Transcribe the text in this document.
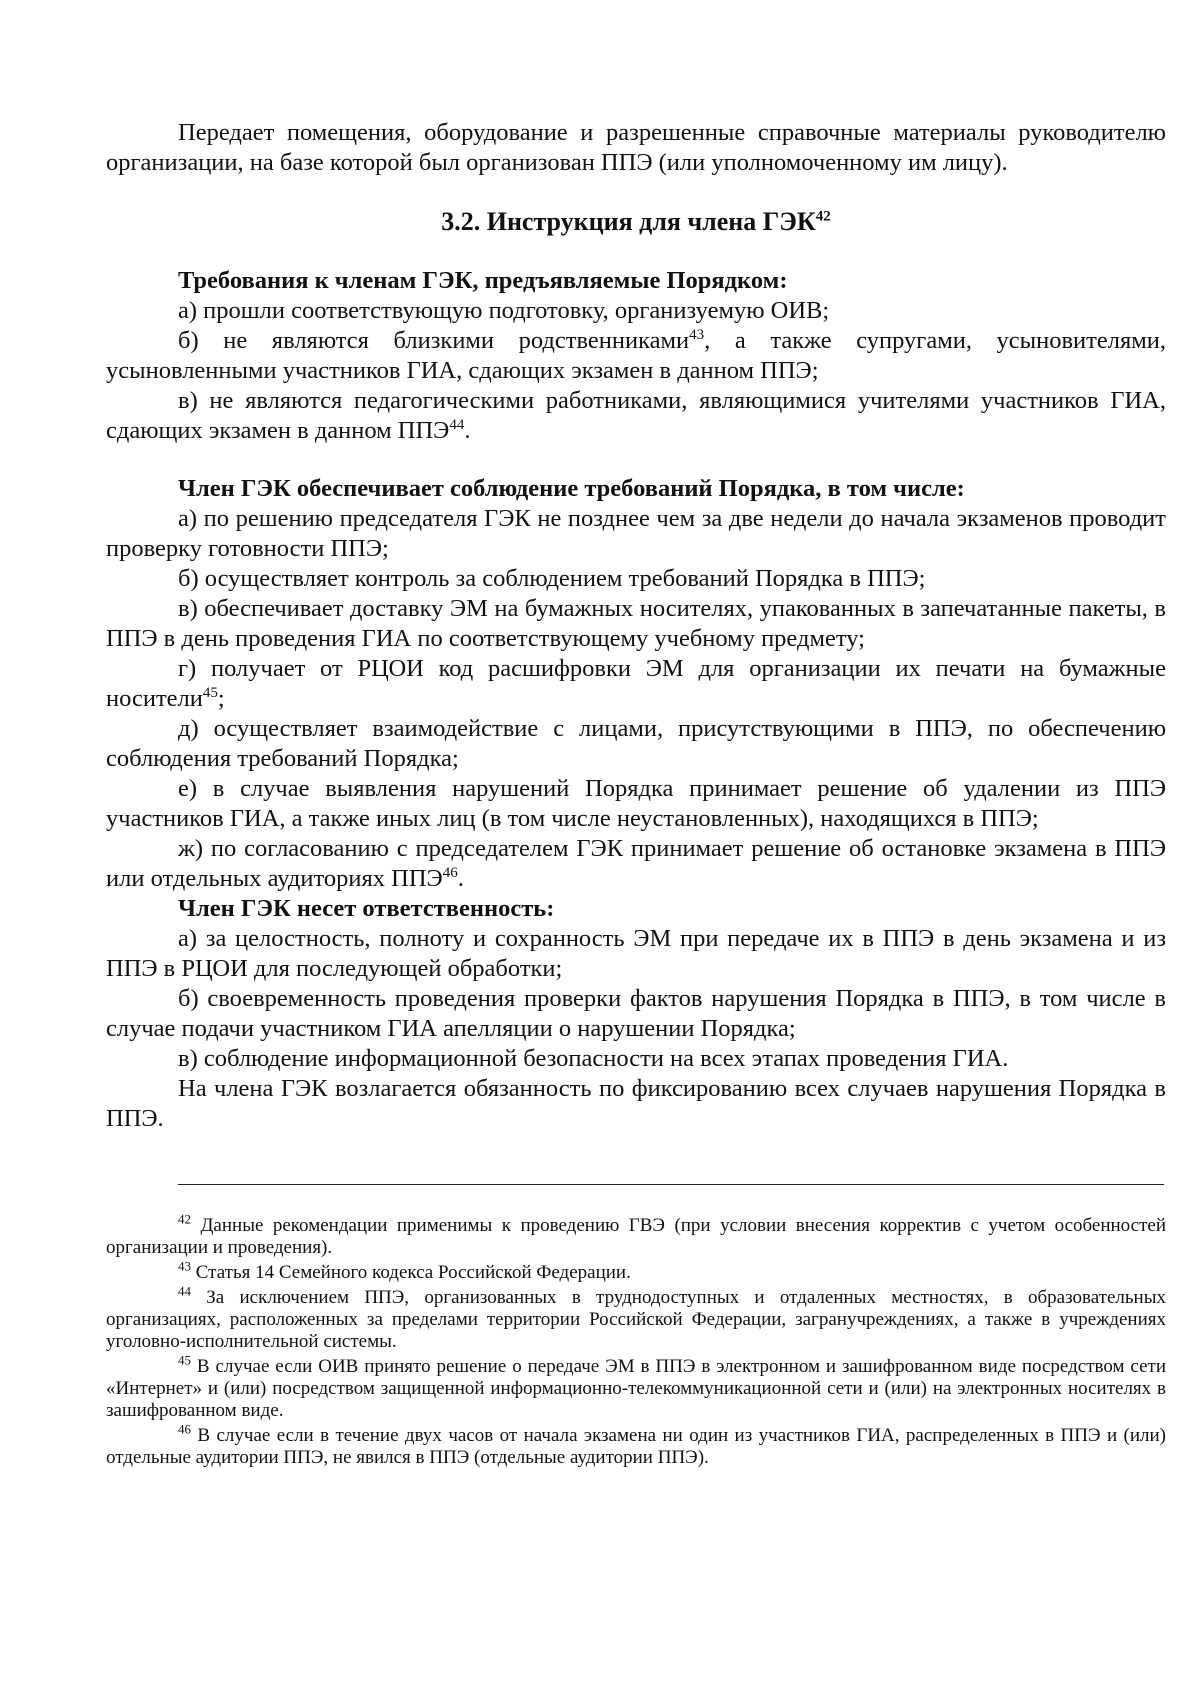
Передает помещения, оборудование и разрешенные справочные материалы руководителю организации, на базе которой был организован ППЭ (или уполномоченному им лицу).

3.2. Инструкция для члена ГЭК$^{42}$

Требования к членам ГЭК, предъявляемые Порядком:

а) прошли соответствующую подготовку, организуемую ОИВ;

б) не являются близкими родственниками$^{43}$, а также супругами, усыновителями, усыновленными участников ГИА, сдающих экзамен в данном ППЭ;

в) не являются педагогическими работниками, являющимися учителями участников ГИА, сдающих экзамен в данном ППЭ$^{44}$.

Член ГЭК обеспечивает соблюдение требований Порядка, в том числе:

а) по решению председателя ГЭК не позднее чем за две недели до начала экзаменов проводит проверку готовности ППЭ;

б) осуществляет контроль за соблюдением требований Порядка в ППЭ;

в) обеспечивает доставку ЭМ на бумажных носителях, упакованных в запечатанные пакеты, в ППЭ в день проведения ГИА по соответствующему учебному предмету;

г) получает от РЦОИ код расшифровки ЭМ для организации их печати на бумажные носители$^{45}$;

д) осуществляет взаимодействие с лицами, присутствующими в ППЭ, по обеспечению соблюдения требований Порядка;

е) в случае выявления нарушений Порядка принимает решение об удалении из ППЭ участников ГИА, а также иных лиц (в том числе неустановленных), находящихся в ППЭ;

ж) по согласованию с председателем ГЭК принимает решение об остановке экзамена в ППЭ или отдельных аудиториях ППЭ$^{46}$.

Член ГЭК несет ответственность:

а) за целостность, полноту и сохранность ЭМ при передаче их в ППЭ в день экзамена и из ППЭ в РЦОИ для последующей обработки;

б) своевременность проведения проверки фактов нарушения Порядка в ППЭ, в том числе в случае подачи участником ГИА апелляции о нарушении Порядка;

в) соблюдение информационной безопасности на всех этапах проведения ГИА.

На члена ГЭК возлагается обязанность по фиксированию всех случаев нарушения Порядка в ППЭ.

$^{42}$ Данные рекомендации применимы к проведению ГВЭ (при условии внесения корректив с учетом особенностей организации и проведения).

$^{43}$ Статья 14 Семейного кодекса Российской Федерации.

$^{44}$ За исключением ППЭ, организованных в труднодоступных и отдаленных местностях, в образовательных организациях, расположенных за пределами территории Российской Федерации, загранучреждениях, а также в учреждениях уголовно-исполнительной системы.

$^{45}$ В случае если ОИВ принято решение о передаче ЭМ в ППЭ в электронном и зашифрованном виде посредством сети «Интернет» и (или) посредством защищенной информационно-телекоммуникационной сети и (или) на электронных носителях в зашифрованном виде.

$^{46}$ В случае если в течение двух часов от начала экзамена ни один из участников ГИА, распределенных в ППЭ и (или) отдельные аудитории ППЭ, не явился в ППЭ (отдельные аудитории ППЭ).
